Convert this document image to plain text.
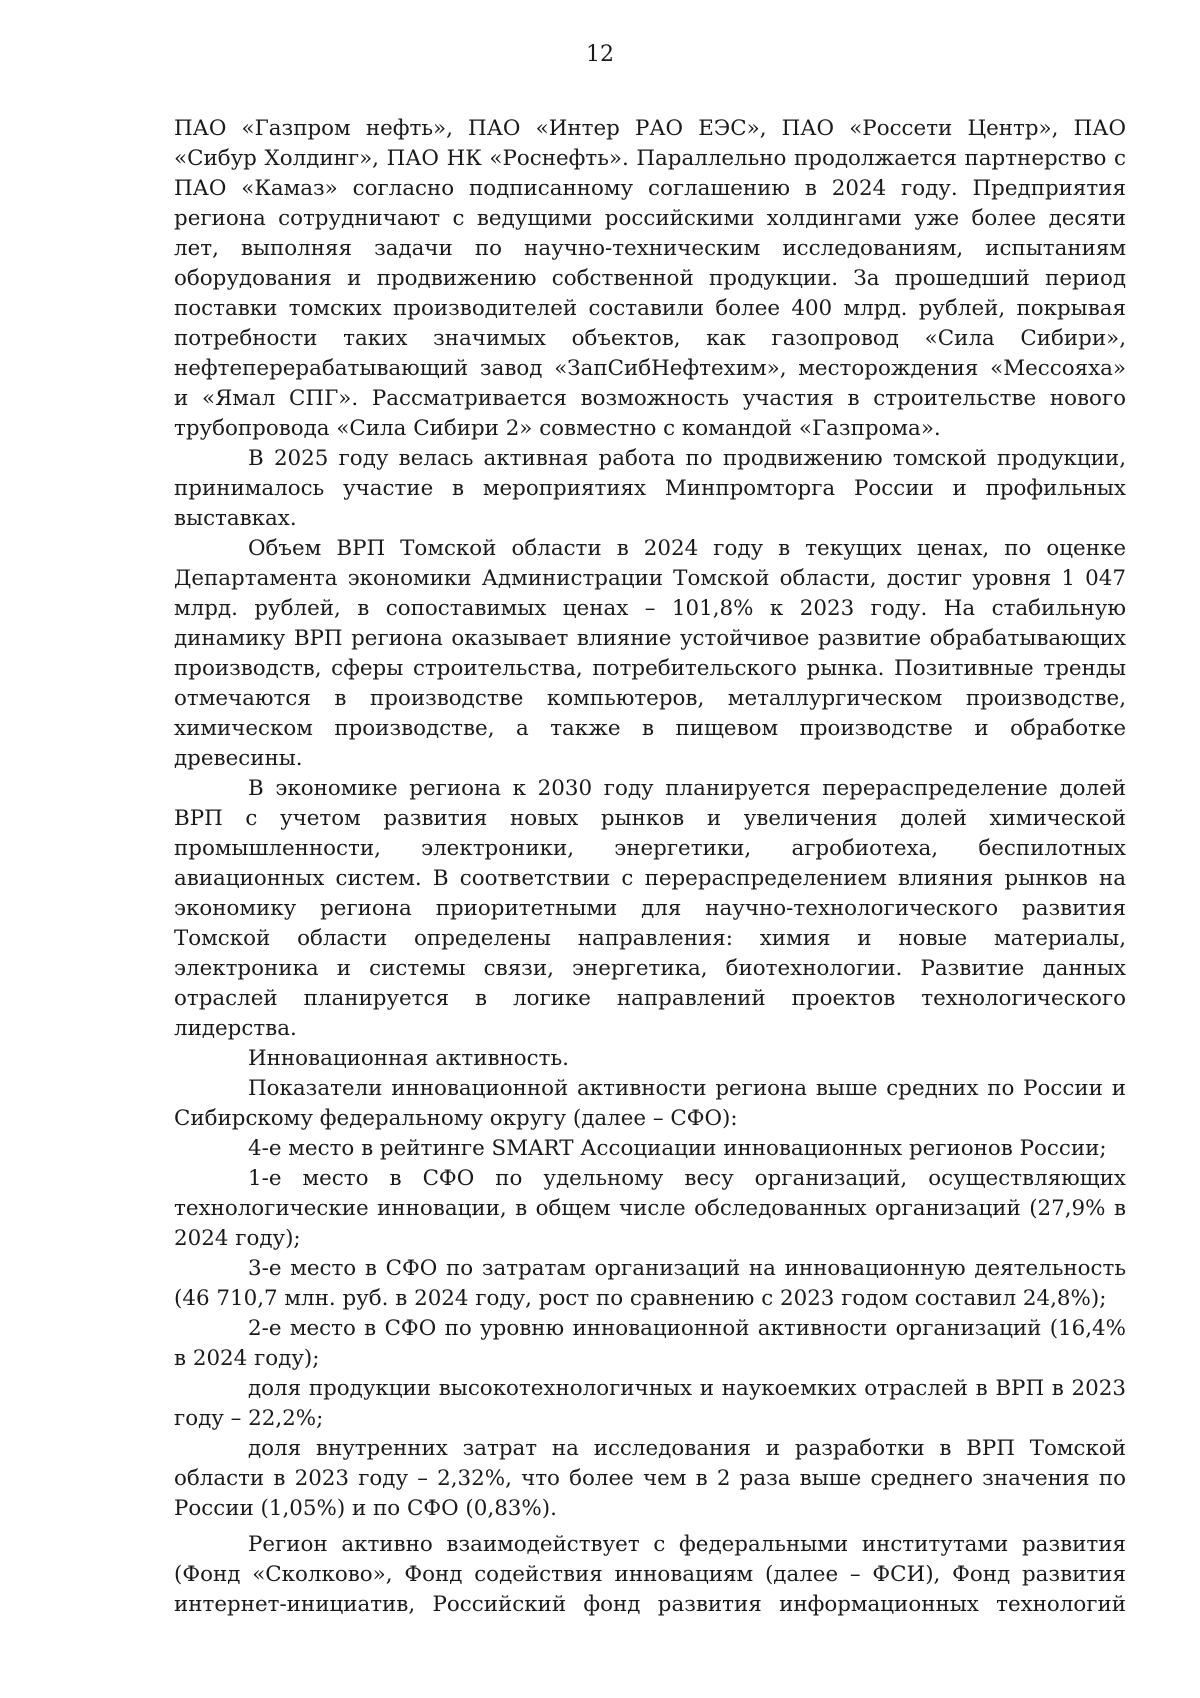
12

ПАО «Газпром нефть», ПАО «Интер РАО ЕЭС», ПАО «Россети Центр», ПАО «Сибур Холдинг», ПАО НК «Роснефть». Параллельно продолжается партнерство с ПАО «Камаз» согласно подписанному соглашению в 2024 году. Предприятия региона сотрудничают с ведущими российскими холдингами уже более десяти лет, выполняя задачи по научно-техническим исследованиям, испытаниям оборудования и продвижению собственной продукции. За прошедший период поставки томских производителей составили более 400 млрд. рублей, покрывая потребности таких значимых объектов, как газопровод «Сила Сибири», нефтеперерабатывающий завод «ЗапСибНефтехим», месторождения «Мессояха» и «Ямал СПГ». Рассматривается возможность участия в строительстве нового трубопровода «Сила Сибири 2» совместно с командой «Газпрома».

В 2025 году велась активная работа по продвижению томской продукции, принималось участие в мероприятиях Минпромторга России и профильных выставках.

Объем ВРП Томской области в 2024 году в текущих ценах, по оценке Департамента экономики Администрации Томской области, достиг уровня 1 047 млрд. рублей, в сопоставимых ценах – 101,8% к 2023 году. На стабильную динамику ВРП региона оказывает влияние устойчивое развитие обрабатывающих производств, сферы строительства, потребительского рынка. Позитивные тренды отмечаются в производстве компьютеров, металлургическом производстве, химическом производстве, а также в пищевом производстве и обработке древесины.

В экономике региона к 2030 году планируется перераспределение долей ВРП с учетом развития новых рынков и увеличения долей химической промышленности, электроники, энергетики, агробиотеха, беспилотных авиационных систем. В соответствии с перераспределением влияния рынков на экономику региона приоритетными для научно-технологического развития Томской области определены направления: химия и новые материалы, электроника и системы связи, энергетика, биотехнологии. Развитие данных отраслей планируется в логике направлений проектов технологического лидерства.

Инновационная активность.

Показатели инновационной активности региона выше средних по России и Сибирскому федеральному округу (далее – СФО):

4-е место в рейтинге SMART Ассоциации инновационных регионов России;

1-е место в СФО по удельному весу организаций, осуществляющих технологические инновации, в общем числе обследованных организаций (27,9% в 2024 году);

3-е место в СФО по затратам организаций на инновационную деятельность (46 710,7 млн. руб. в 2024 году, рост по сравнению с 2023 годом составил 24,8%);

2-е место в СФО по уровню инновационной активности организаций (16,4% в 2024 году);

доля продукции высокотехнологичных и наукоемких отраслей в ВРП в 2023 году – 22,2%;

доля внутренних затрат на исследования и разработки в ВРП Томской области в 2023 году – 2,32%, что более чем в 2 раза выше среднего значения по России (1,05%) и по СФО (0,83%).

Регион активно взаимодействует с федеральными институтами развития (Фонд «Сколково», Фонд содействия инновациям (далее – ФСИ), Фонд развития интернет-инициатив, Российский фонд развития информационных технологий
